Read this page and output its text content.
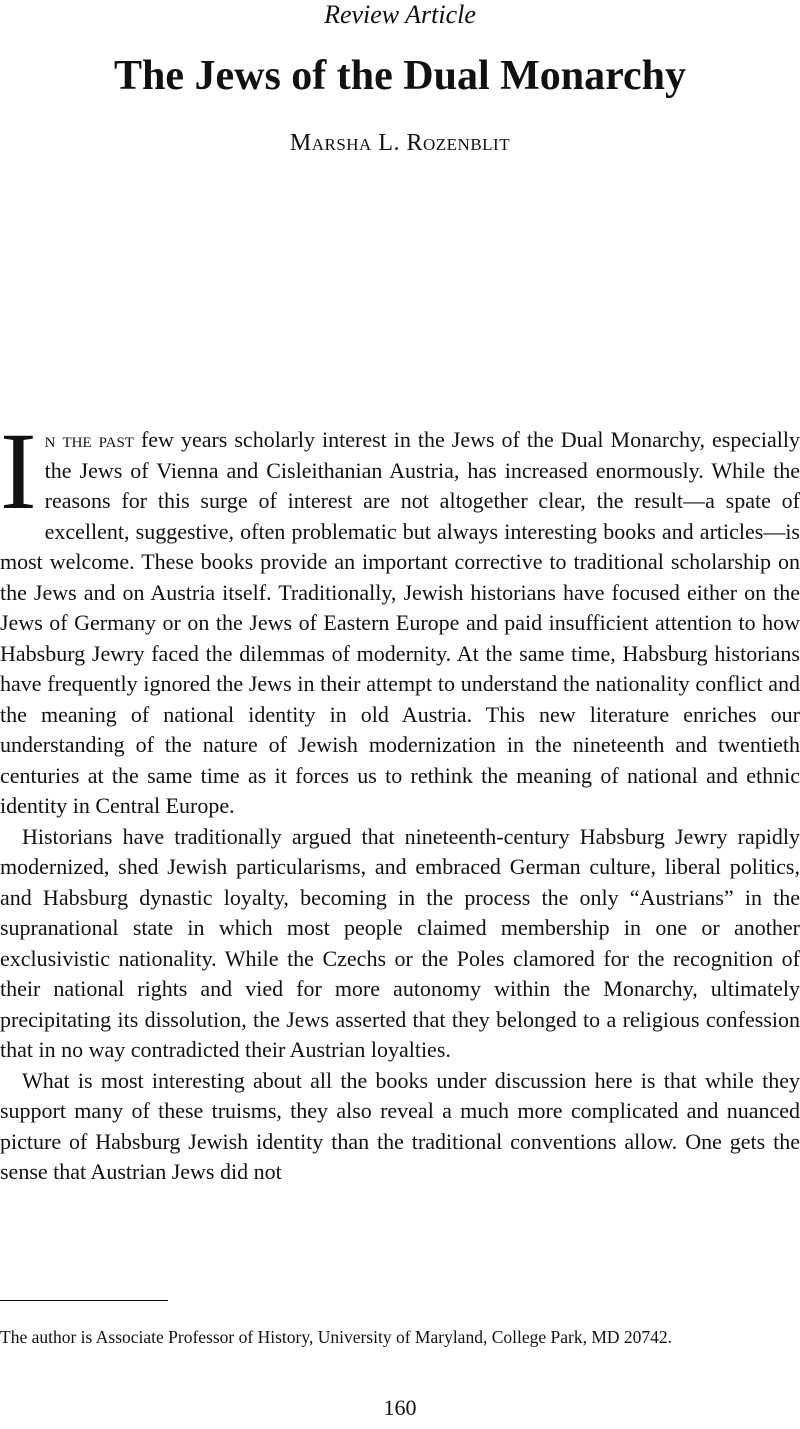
Review Article
The Jews of the Dual Monarchy
Marsha L. Rozenblit

In the past few years scholarly interest in the Jews of the Dual Monarchy, especially the Jews of Vienna and Cisleithanian Austria, has increased enormously. While the reasons for this surge of interest are not altogether clear, the result—a spate of excellent, suggestive, often problematic but always interesting books and articles—is most welcome. These books provide an important corrective to traditional scholarship on the Jews and on Austria itself. Traditionally, Jewish historians have focused either on the Jews of Germany or on the Jews of Eastern Europe and paid insufficient attention to how Habsburg Jewry faced the dilemmas of modernity. At the same time, Habsburg historians have frequently ignored the Jews in their attempt to understand the nationality conflict and the meaning of national identity in old Austria. This new literature enriches our understanding of the nature of Jewish modernization in the nineteenth and twentieth centuries at the same time as it forces us to rethink the meaning of national and ethnic identity in Central Europe.

Historians have traditionally argued that nineteenth-century Habsburg Jewry rapidly modernized, shed Jewish particularisms, and embraced German culture, liberal politics, and Habsburg dynastic loyalty, becoming in the process the only “Austrians” in the supranational state in which most people claimed membership in one or another exclusivistic nationality. While the Czechs or the Poles clamored for the recognition of their national rights and vied for more autonomy within the Monarchy, ultimately precipitating its dissolution, the Jews asserted that they belonged to a religious confession that in no way contradicted their Austrian loyalties.

What is most interesting about all the books under discussion here is that while they support many of these truisms, they also reveal a much more complicated and nuanced picture of Habsburg Jewish identity than the traditional conventions allow. One gets the sense that Austrian Jews did not

The author is Associate Professor of History, University of Maryland, College Park, MD 20742.
160
